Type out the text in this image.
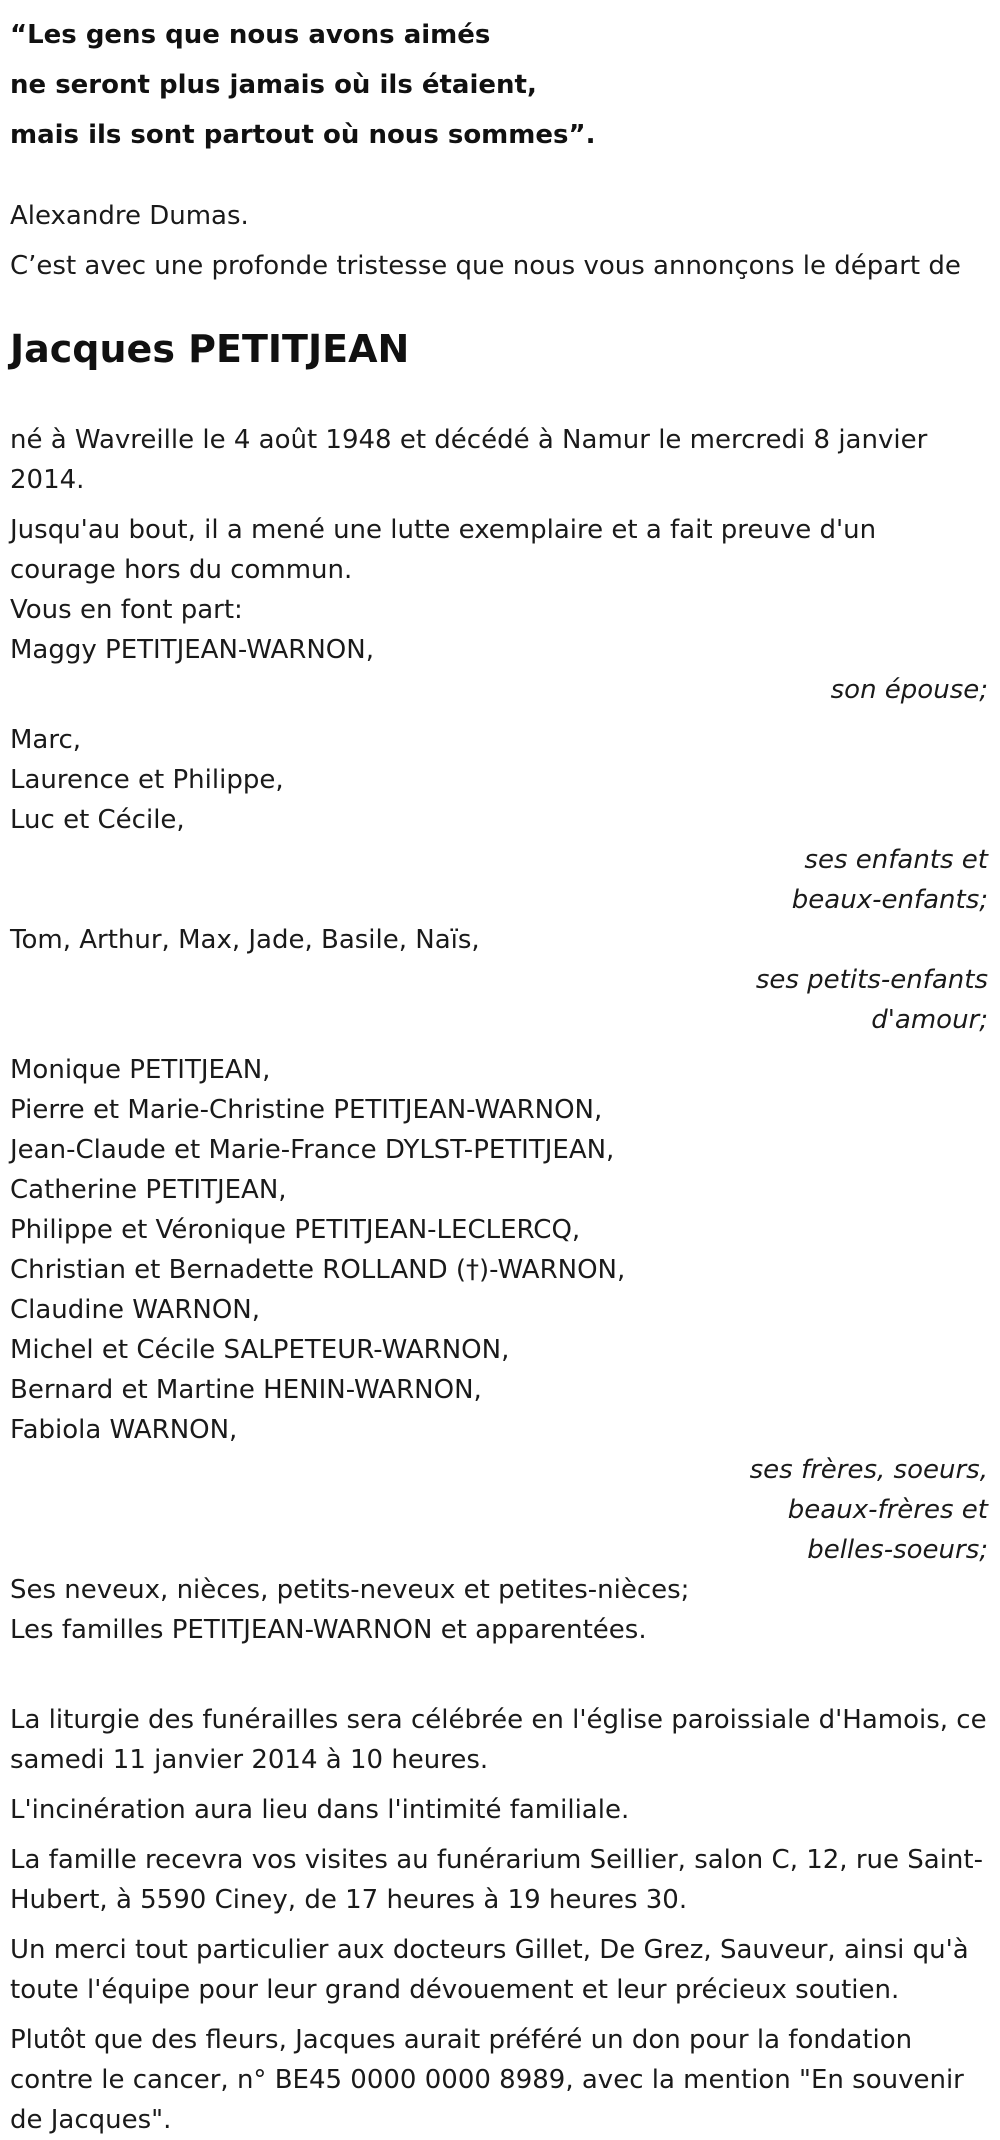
“Les gens que nous avons aimés

ne seront plus jamais où ils étaient,

mais ils sont partout où nous sommes”.

Alexandre Dumas.

C’est avec une profonde tristesse que nous vous annonçons le départ de

Jacques PETITJEAN

né à Wavreille le 4 août 1948 et décédé à Namur le mercredi 8 janvier 2014.

Jusqu'au bout, il a mené une lutte exemplaire et a fait preuve d'un courage hors du commun.

Vous en font part:

Maggy PETITJEAN-WARNON,

son épouse;

Marc,

Laurence et Philippe,

Luc et Cécile,

ses enfants et

beaux-enfants;

Tom, Arthur, Max, Jade, Basile, Naïs,

ses petits-enfants

d'amour;

Monique PETITJEAN,

Pierre et Marie-Christine PETITJEAN-WARNON,

Jean-Claude et Marie-France DYLST-PETITJEAN,

Catherine PETITJEAN,

Philippe et Véronique PETITJEAN-LECLERCQ,

Christian et Bernadette ROLLAND (†)-WARNON,

Claudine WARNON,

Michel et Cécile SALPETEUR-WARNON,

Bernard et Martine HENIN-WARNON,

Fabiola WARNON,

ses frères, soeurs,

beaux-frères et

belles-soeurs;

Ses neveux, nièces, petits-neveux et petites-nièces;

Les familles PETITJEAN-WARNON et apparentées.

La liturgie des funérailles sera célébrée en l'église paroissiale d'Hamois, ce samedi 11 janvier 2014 à 10 heures.

L'incinération aura lieu dans l'intimité familiale.

La famille recevra vos visites au funérarium Seillier, salon C, 12, rue Saint-Hubert, à 5590 Ciney, de 17 heures à 19 heures 30.

Un merci tout particulier aux docteurs Gillet, De Grez, Sauveur, ainsi qu'à toute l'équipe pour leur grand dévouement et leur précieux soutien.

Plutôt que des fleurs, Jacques aurait préféré un don pour la fondation contre le cancer, n° BE45 0000 0000 8989, avec la mention "En souvenir de Jacques".
